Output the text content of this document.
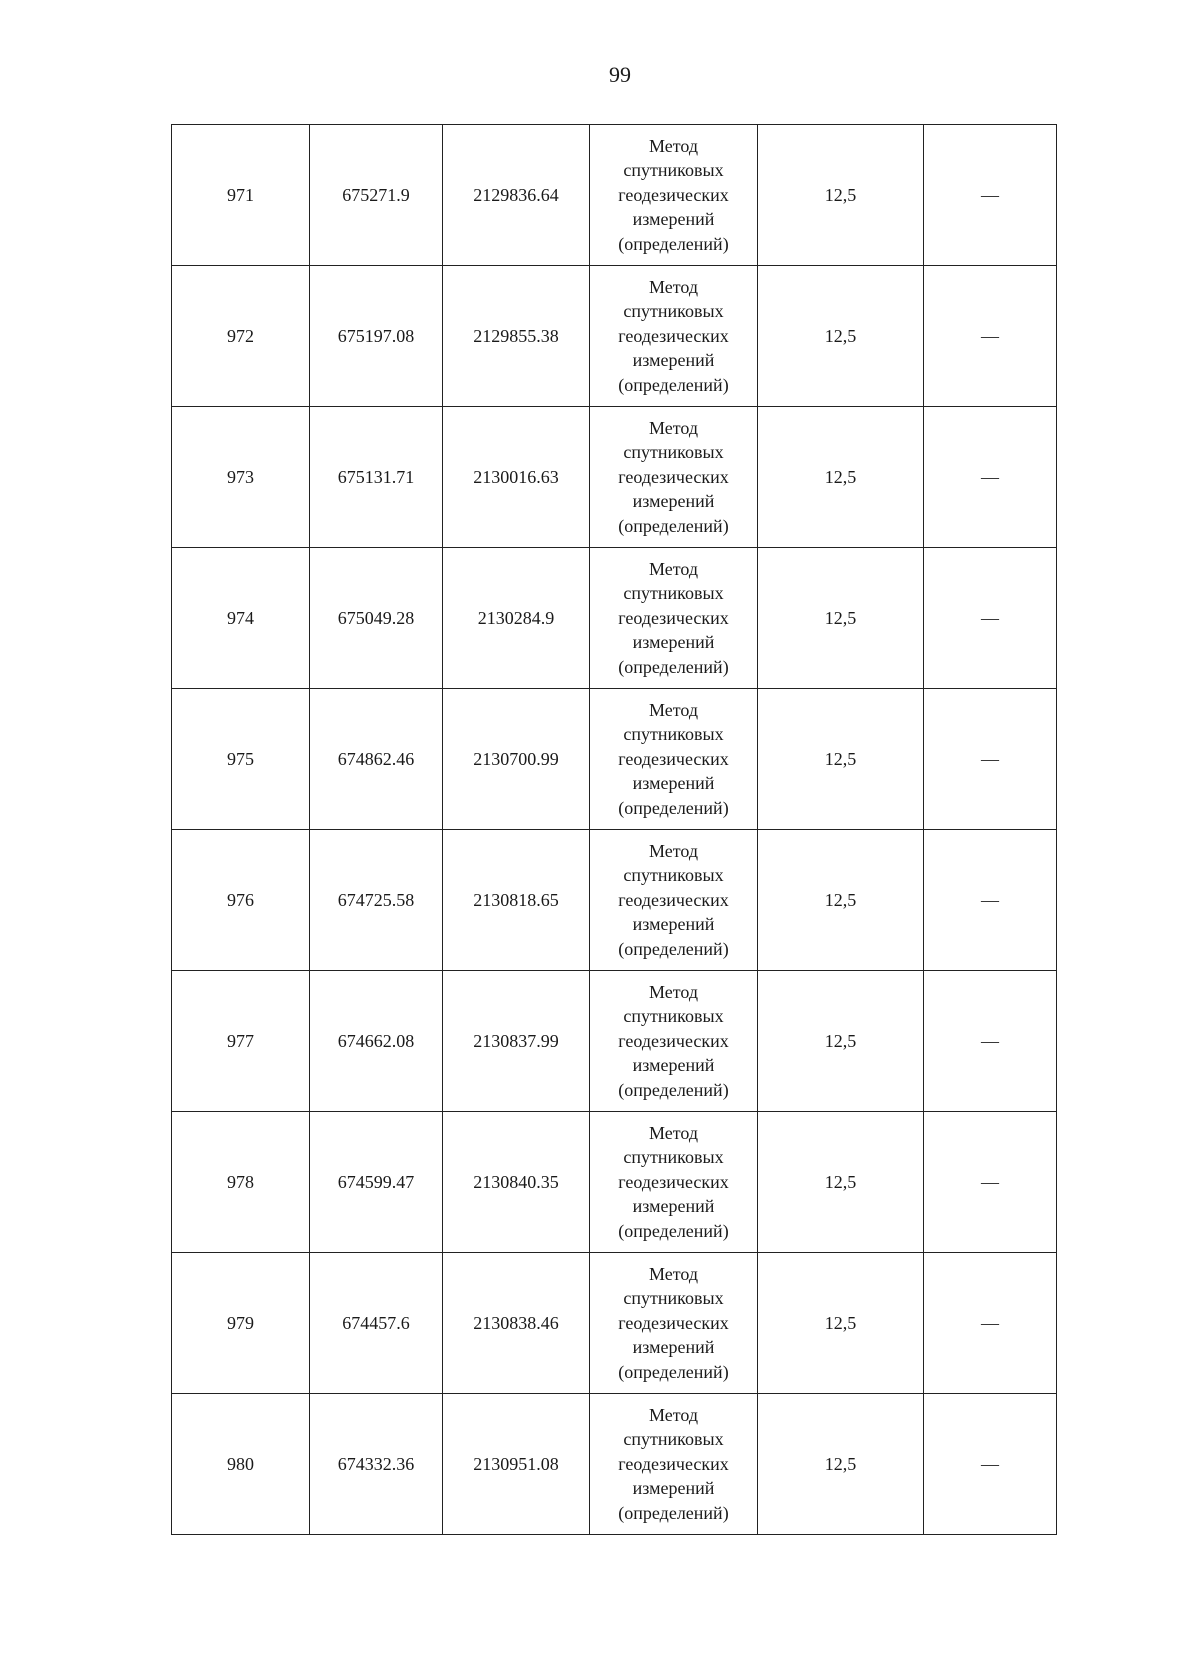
99
971	675271.9	2129836.64	Метод
спутниковых
геодезических
измерений
(определений)	12,5	—
972	675197.08	2129855.38	Метод
спутниковых
геодезических
измерений
(определений)	12,5	—
973	675131.71	2130016.63	Метод
спутниковых
геодезических
измерений
(определений)	12,5	—
974	675049.28	2130284.9	Метод
спутниковых
геодезических
измерений
(определений)	12,5	—
975	674862.46	2130700.99	Метод
спутниковых
геодезических
измерений
(определений)	12,5	—
976	674725.58	2130818.65	Метод
спутниковых
геодезических
измерений
(определений)	12,5	—
977	674662.08	2130837.99	Метод
спутниковых
геодезических
измерений
(определений)	12,5	—
978	674599.47	2130840.35	Метод
спутниковых
геодезических
измерений
(определений)	12,5	—
979	674457.6	2130838.46	Метод
спутниковых
геодезических
измерений
(определений)	12,5	—
980	674332.36	2130951.08	Метод
спутниковых
геодезических
измерений
(определений)	12,5	—
